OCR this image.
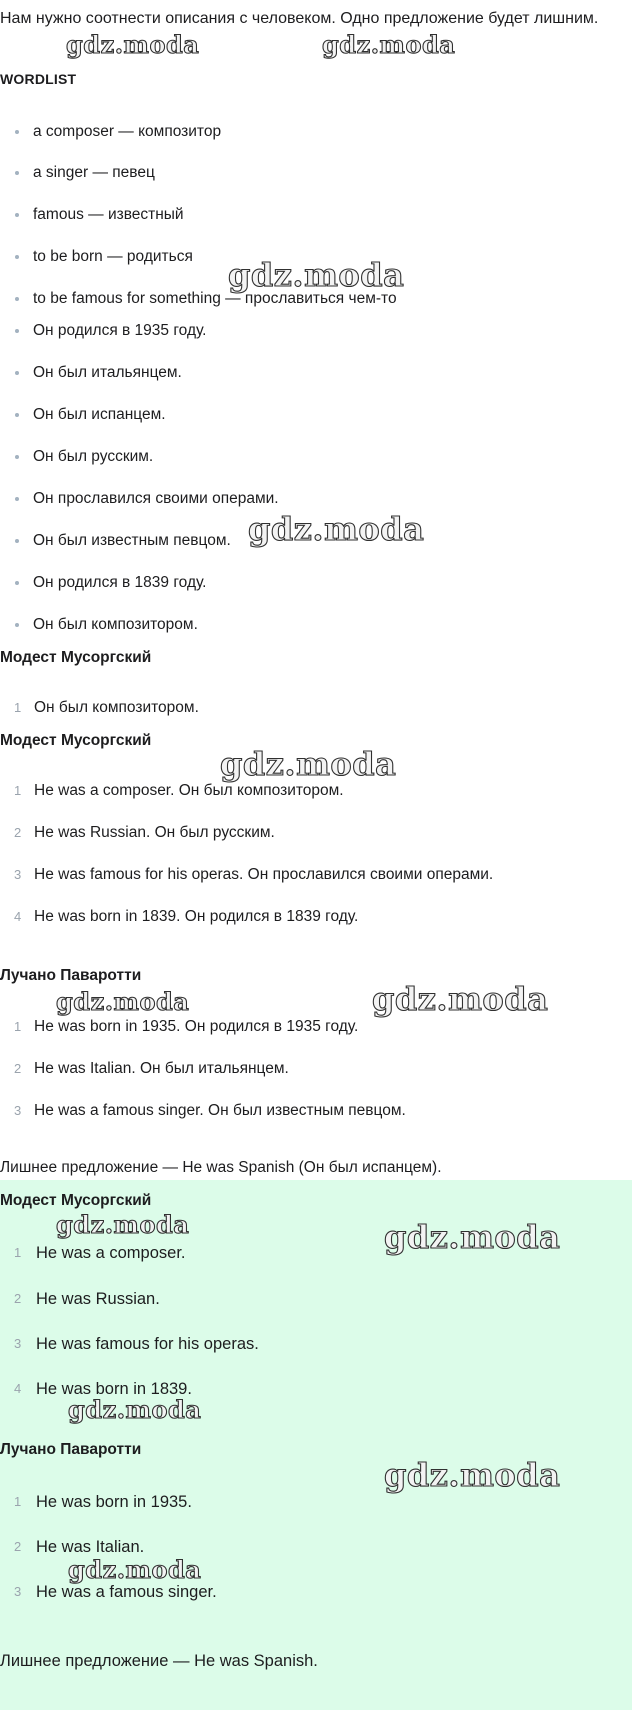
Нам нужно соотнести описания с человеком. Одно предложение будет лишним.

WORDLIST
a composer — композитор
a singer — певец
famous — известный
to be born — родиться
to be famous for something — прославиться чем-то
Он родился в 1935 году.
Он был итальянцем.
Он был испанцем.
Он был русским.
Он прославился своими операми.
Он был известным певцом.
Он родился в 1839 году.
Он был композитором.
Модест Мусоргский
1 Он был композитором.
Модест Мусоргский
1 He was a composer. Он был композитором.
2 He was Russian. Он был русским.
3 He was famous for his operas. Он прославился своими операми.
4 He was born in 1839. Он родился в 1839 году.
Лучано Паваротти
1 He was born in 1935. Он родился в 1935 году.
2 He was Italian. Он был итальянцем.
3 He was a famous singer. Он был известным певцом.
Лишнее предложение — He was Spanish (Он был испанцем).
Модест Мусоргский
1 He was a composer.
2 He was Russian.
3 He was famous for his operas.
4 He was born in 1839.
Лучано Паваротти
1 He was born in 1935.
2 He was Italian.
3 He was a famous singer.
Лишнее предложение — He was Spanish.
gdz.moda	gdz.moda
gdz.moda
gdz.moda
gdz.moda
gdz.moda	gdz.moda
gdz.moda	gdz.moda
gdz.moda
gdz.moda
gdz.moda
